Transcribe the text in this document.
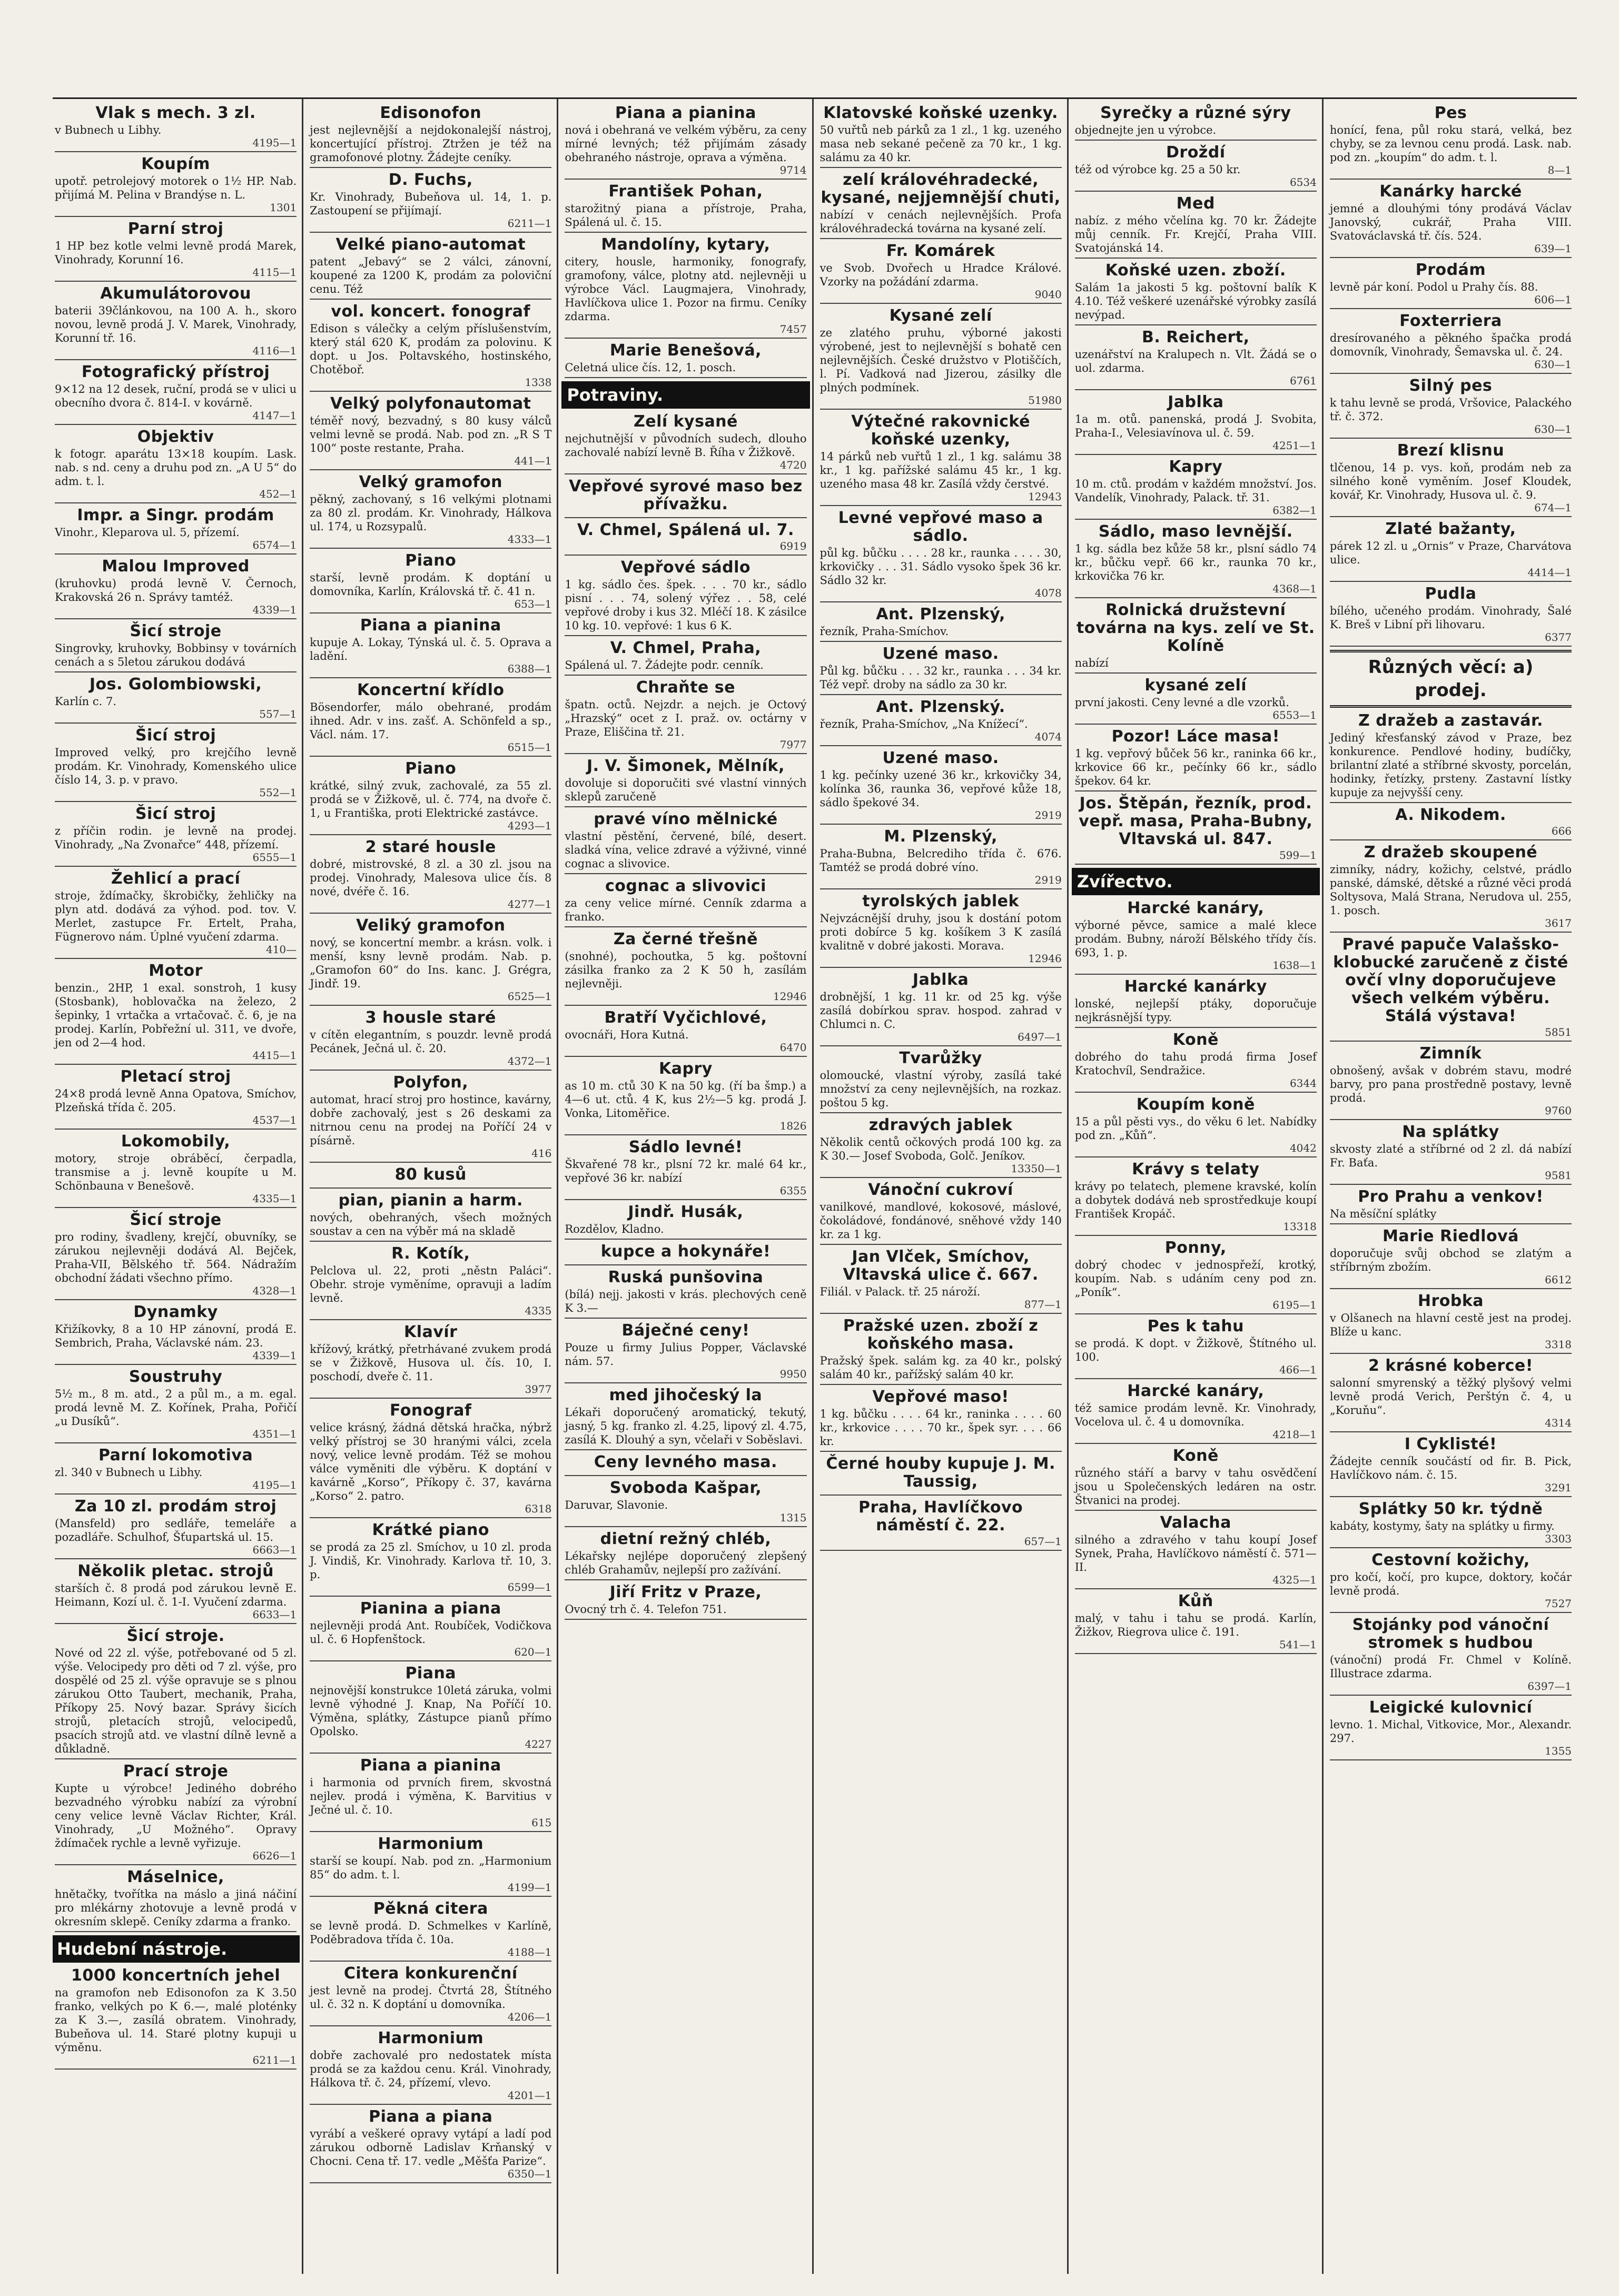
Vlak s mech. 3 zl.

v Bubnech u Libhy.

4195—1
Koupím

upotř. petrolejový motorek o 1½ HP. Nab. přijímá M. Pelina v Brandýse n. L.

1301
Parní stroj

1 HP bez kotle velmi levně prodá Marek, Vinohrady, Korunní 16.

4115—1
Akumulátorovou

baterii 39článkovou, na 100 A. h., skoro novou, levně prodá J. V. Marek, Vinohrady, Korunní tř. 16.

4116—1
Fotografický přístroj

9×12 na 12 desek, ruční, prodá se v ulici u obecního dvora č. 814-I. v kovárně.

4147—1
Objektiv

k fotogr. aparátu 13×18 koupím. Lask. nab. s nd. ceny a druhu pod zn. „A U 5“ do adm. t. l.

452—1
Impr. a Singr. prodám

Vinohr., Kleparova ul. 5, přízemí.

6574—1
Malou Improved

(kruhovku) prodá levně V. Černoch, Krakovská 26 n. Správy tamtéž.

4339—1
Šicí stroje

Singrovky, kruhovky, Bobbinsy v továrních cenách a s 5letou zárukou dodává

Jos. Golombiowski,

Karlín c. 7.

557—1
Šicí stroj

Improved velký, pro krejčího levně prodám. Kr. Vinohrady, Komenského ulice číslo 14, 3. p. v pravo.

552—1
Šicí stroj

z příčin rodin. je levně na prodej. Vinohrady, „Na Zvonařce“ 448, přízemí.

6555—1
Žehlicí a prací

stroje, ždímačky, škrobičky, žehličky na plyn atd. dodává za výhod. pod. tov. V. Merlet, zastupce Fr. Ertelt, Praha, Fügnerovo nám. Úplné vyučení zdarma.

410—
Motor

benzin., 2HP, 1 exal. sonstroh, 1 kusy (Stosbank), hoblovačka na železo, 2 šepinky, 1 vrtačka a vrtačovač. č. 6, je na prodej. Karlín, Pobřežní ul. 311, ve dvoře, jen od 2—4 hod.

4415—1
Pletací stroj

24×8 prodá levně Anna Opatova, Smíchov, Plzeňská třída č. 205.

4537—1
Lokomobily,

motory, stroje obráběcí, čerpadla, transmise a j. levně koupíte u M. Schönbauna v Benešově.

4335—1
Šicí stroje

pro rodiny, švadleny, krejčí, obuvníky, se zárukou nejlevněji dodává Al. Bejček, Praha-VII, Bělského tř. 564. Nádražím obchodní žádati všechno přímo.

4328—1
Dynamky

Křižíkovky, 8 a 10 HP zánovní, prodá E. Sembrich, Praha, Václavské nám. 23.

4339—1
Soustruhy

5½ m., 8 m. atd., 2 a půl m., a m. egal. prodá levně M. Z. Kořínek, Praha, Pořičí „u Dusíků“.

4351—1
Parní lokomotiva

zl. 340 v Bubnech u Libhy.

4195—1
Za 10 zl. prodám stroj

(Mansfeld) pro sedláře, temeláře a pozadláře. Schulhof, Šťupartská ul. 15.

6663—1
Několik pletac. strojů

starších č. 8 prodá pod zárukou levně E. Heimann, Kozí ul. č. 1-I. Vyučení zdarma.

6633—1
Šicí stroje.

Nové od 22 zl. výše, potřebované od 5 zl. výše. Velocipedy pro děti od 7 zl. výše, pro dospělé od 25 zl. výše opravuje se s plnou zárukou Otto Taubert, mechanik, Praha, Příkopy 25. Nový bazar. Správy šicích strojů, pletacích strojů, velocipedů, psacích strojů atd. ve vlastní dílně levně a důkladně.

Prací stroje

Kupte u výrobce! Jediného dobrého bezvadného výrobku nabízí za výrobní ceny velice levně Václav Richter, Král. Vinohrady, „U Možného“. Opravy ždímaček rychle a levně vyřizuje.

6626—1
Máselnice,

hnětačky, tvořítka na máslo a jiná náčiní pro mlékárny zhotovuje a levně prodá v okresním sklepě. Ceníky zdarma a franko.

Hudební nástroje.
1000 koncertních jehel

na gramofon neb Edisonofon za K 3.50 franko, velkých po K 6.—, malé ploténky za K 3.—, zasílá obratem. Vinohrady, Bubeňova ul. 14. Staré plotny kupuji u výměnu.

6211—1
Edisonofon

jest nejlevnější a nejdokonalejší nástroj, koncertující přístroj. Ztržen je též na gramofonové plotny. Žádejte ceníky.

D. Fuchs,

Kr. Vinohrady, Bubeňova ul. 14, 1. p. Zastoupení se přijímají.

6211—1
Velké piano-automat

patent „Jebavý“ se 2 válci, zánovní, koupené za 1200 K, prodám za poloviční cenu. Též

vol. koncert. fonograf

Edison s válečky a celým příslušenstvím, který stál 620 K, prodám za polovinu. K dopt. u Jos. Poltavského, hostinského, Chotěboř.

1338
Velký polyfonautomat

téměř nový, bezvadný, s 80 kusy válců velmi levně se prodá. Nab. pod zn. „R S T 100“ poste restante, Praha.

441—1
Velký gramofon

pěkný, zachovaný, s 16 velkými plotnami za 80 zl. prodám. Kr. Vinohrady, Hálkova ul. 174, u Rozsypalů.

4333—1
Piano

starší, levně prodám. K doptání u domovníka, Karlín, Královská tř. č. 41 n.

653—1
Piana a pianina

kupuje A. Lokay, Týnská ul. č. 5. Oprava a ladění.

6388—1
Koncertní křídlo

Bösendorfer, málo obehrané, prodám ihned. Adr. v ins. zašť. A. Schönfeld a sp., Václ. nám. 17.

6515—1
Piano

krátké, silný zvuk, zachovalé, za 55 zl. prodá se v Žižkově, ul. č. 774, na dvoře č. 1, u Františka, proti Elektrické zastávce.

4293—1
2 staré housle

dobré, mistrovské, 8 zl. a 30 zl. jsou na prodej. Vinohrady, Malesova ulice čís. 8 nové, dvéře č. 16.

4277—1
Veliký gramofon

nový, se koncertní membr. a krásn. volk. i menší, ksny levně prodám. Nab. p. „Gramofon 60“ do Ins. kanc. J. Grégra, Jindř. 19.

6525—1
3 housle staré

v cítěn elegantním, s pouzdr. levně prodá Pecánek, Ječná ul. č. 20.

4372—1
Polyfon,

automat, hrací stroj pro hostince, kavárny, dobře zachovalý, jest s 26 deskami za nitrnou cenu na prodej na Poříčí 24 v písárně.

416
80 kusů
pian, pianin a harm.

nových, obehraných, všech možných soustav a cen na výběr má na skladě

R. Kotík,

Pelclova ul. 22, proti „něstn Paláci“. Obehr. stroje vyměníme, opravuji a ladím levně.

4335
Klavír

křížový, krátký, přetrhávané zvukem prodá se v Žižkově, Husova ul. čís. 10, I. poschodí, dveře č. 11.

3977
Fonograf

velice krásný, žádná dětská hračka, nýbrž velký přístroj se 30 hranými válci, zcela nový, velice levně prodám. Též se mohou válce vyměniti dle výběru. K doptání v kavárně „Korso“, Příkopy č. 37, kavárna „Korso“ 2. patro.

6318
Krátké piano

se prodá za 25 zl. Smíchov, u 10 zl. proda J. Vindiš, Kr. Vinohrady. Karlova tř. 10, 3. p.

6599—1
Pianina a piana

nejlevněji prodá Ant. Roubíček, Vodičkova ul. č. 6 Hopfenštock.

620—1
Piana

nejnovější konstrukce 10letá záruka, volmi levně výhodné J. Knap, Na Poříčí 10. Výměna, splátky, Zástupce pianů přímo Opolsko.

4227
Piana a pianina

i harmonia od prvních firem, skvostná nejlev. prodá i výměna, K. Barvitius v Ječné ul. č. 10.

615
Harmonium

starší se koupí. Nab. pod zn. „Harmonium 85“ do adm. t. l.

4199—1
Pěkná citera

se levně prodá. D. Schmelkes v Karlíně, Poděbradova třída č. 10a.

4188—1
Citera konkurenční

jest levně na prodej. Čtvrtá 28, Štítného ul. č. 32 n. K doptání u domovníka.

4206—1
Harmonium

dobře zachovalé pro nedostatek místa prodá se za každou cenu. Král. Vinohrady, Hálkova tř. č. 24, přízemí, vlevo.

4201—1
Piana a piana

vyrábí a veškeré opravy vytápí a ladí pod zárukou odborně Ladislav Krňanský v Chocni. Cena tř. 17. vedle „Měšťa Parize“.

6350—1
Piana a pianina

nová i obehraná ve velkém výběru, za ceny mírné levných; též přijímám zásady obehraného nástroje, oprava a výměna.

9714
František Pohan,

starožitný piana a přístroje, Praha, Spálená ul. č. 15.

Mandolíny, kytary,

citery, housle, harmoniky, fonografy, gramofony, válce, plotny atd. nejlevněji u výrobce Václ. Laugmajera, Vinohrady, Havlíčkova ulice 1. Pozor na firmu. Ceníky zdarma.

7457
Marie Benešová,

Celetná ulice čís. 12, 1. posch.

Potraviny.
Zelí kysané

nejchutnější v původních sudech, dlouho zachovalé nabízí levně B. Říha v Žižkově.

4720
Vepřové syrové maso bez přívažku.
V. Chmel, Spálená ul. 7.
6919
Vepřové sádlo

1 kg. sádlo čes. špek. . . . 70 kr., sádlo pisní . . . 74, solený výřez . . 58, celé vepřové droby i kus 32. Mléčí 18. K zásilce 10 kg. 10. vepřové: 1 kus 6 K.

V. Chmel, Praha,

Spálená ul. 7. Žádejte podr. cenník.

Chraňte se

špatn. octů. Nejzdr. a nejch. je Octový „Hrazský“ ocet z I. praž. ov. octárny v Praze, Eliščina tř. 21.

7977
J. V. Šimonek, Mělník,

dovoluje si doporučiti své vlastní vinných sklepů zaručeně

pravé víno mělnické

vlastní pěstění, červené, bílé, desert. sladká vína, velice zdravé a výživné, vinné cognac a slivovice.

cognac a slivovici

za ceny velice mírné. Cenník zdarma a franko.

Za černé třešně

(snohné), pochoutka, 5 kg. poštovní zásilka franko za 2 K 50 h, zasílám nejlevněji.

12946
Bratří Vyčichlové,

ovocnáři, Hora Kutná.

6470
Kapry

as 10 m. ctů 30 K na 50 kg. (ří ba šmp.) a 4—6 ut. ctů. 4 K, kus 2½—5 kg. prodá J. Vonka, Litoměřice.

1826
Sádlo levné!

Škvařené 78 kr., plsní 72 kr. malé 64 kr., vepřové 36 kr. nabízí

6355
Jindř. Husák,

Rozdělov, Kladno.

kupce a hokynáře!
Ruská punšovina

(bílá) nejj. jakosti v krás. plechových ceně K 3.—

Báječné ceny!

Pouze u firmy Julius Popper, Václavské nám. 57.

9950
med jihočeský la

Lékaři doporučený aromatický, tekutý, jasný, 5 kg. franko zl. 4.25, lipový zl. 4.75, zasílá K. Dlouhý a syn, včelaři v Soběslavi.

Ceny levného masa.
Svoboda Kašpar,

Daruvar, Slavonie.

1315
dietní režný chléb,

Lékařsky nejlépe doporučený zlepšený chléb Grahamův, nejlepší pro zažívání.

Jiří Fritz v Praze,

Ovocný trh č. 4. Telefon 751.

Klatovské koňské uzenky.

50 vuřtů neb párků za 1 zl., 1 kg. uzeného masa neb sekané pečeně za 70 kr., 1 kg. salámu za 40 kr.

zelí královéhradecké, kysané, nejjemnější chuti,

nabízí v cenách nejlevnějších. Profa královéhradecká továrna na kysané zelí.

Fr. Komárek

ve Svob. Dvořech u Hradce Králové. Vzorky na požádání zdarma.

9040
Kysané zelí

ze zlatého pruhu, výborné jakosti výrobené, jest to nejlevnější s bohatě cen nejlevnějších. České družstvo v Plotiščích, l. Pí. Vadková nad Jizerou, zásilky dle plných podmínek.

51980
Výtečné rakovnické koňské uzenky,

14 párků neb vuřtů 1 zl., 1 kg. salámu 38 kr., 1 kg. pařížské salámu 45 kr., 1 kg. uzeného masa 48 kr. Zasílá vždy čerstvé.

12943
Levné vepřové maso a sádlo.

půl kg. bůčku . . . . 28 kr., raunka . . . . 30, krkovičky . . . 31. Sádlo vysoko špek 36 kr. Sádlo 32 kr.

4078
Ant. Plzenský,

řezník, Praha-Smíchov.

Uzené maso.

Půl kg. bůčku . . . 32 kr., raunka . . . 34 kr. Též vepř. droby na sádlo za 30 kr.

Ant. Plzenský.

řezník, Praha-Smíchov, „Na Knížecí“.

4074
Uzené maso.

1 kg. pečínky uzené 36 kr., krkovičky 34, kolínka 36, raunka 36, vepřové kůže 18, sádlo špekové 34.

2919
M. Plzenský,

Praha-Bubna, Belcrediho třída č. 676. Tamtéž se prodá dobré víno.

2919
tyrolských jablek

Nejvzácnější druhy, jsou k dostání potom proti dobírce 5 kg. košíkem 3 K zasílá kvalitně v dobré jakosti. Morava.

12946
Jablka

drobnější, 1 kg. 11 kr. od 25 kg. výše zasílá dobírkou sprav. hospod. zahrad v Chlumci n. C.

6497—1
Tvarůžky

olomoucké, vlastní výroby, zasílá také množství za ceny nejlevnějších, na rozkaz. poštou 5 kg.

zdravých jablek

Několik centů očkových prodá 100 kg. za K 30.— Josef Svoboda, Golč. Jeníkov.

13350—1
Vánoční cukroví

vanilkové, mandlové, kokosové, máslové, čokoládové, fondánové, sněhové vždy 140 kr. za 1 kg.

Jan Vlček, Smíchov, Vltavská ulice č. 667.

Filiál. v Palack. tř. 25 nároží.

877—1
Pražské uzen. zboží z koňského masa.

Pražský špek. salám kg. za 40 kr., polský salám 40 kr., pařížský salám 40 kr.

Vepřové maso!

1 kg. bůčku . . . . 64 kr., raninka . . . . 60 kr., krkovice . . . . 70 kr., špek syr. . . . 66 kr.

Černé houby kupuje J. M. Taussig,
Praha, Havlíčkovo náměstí č. 22.
657—1
Syrečky a různé sýry

objednejte jen u výrobce.

Droždí

též od výrobce kg. 25 a 50 kr.

6534
Med

nabíz. z mého včelína kg. 70 kr. Žádejte můj cenník. Fr. Krejčí, Praha VIII. Svatojánská 14.

Koňské uzen. zboží.

Salám 1a jakosti 5 kg. poštovní balík K 4.10. Též veškeré uzenářské výrobky zasílá nevýpad.

B. Reichert,

uzenářství na Kralupech n. Vlt. Žádá se o uol. zdarma.

6761
Jablka

1a m. otů. panenská, prodá J. Svobita, Praha-I., Velesiavínova ul. č. 59.

4251—1
Kapry

10 m. ctů. prodám v každém množství. Jos. Vandelík, Vinohrady, Palack. tř. 31.

6382—1
Sádlo, maso levnější.

1 kg. sádla bez kůže 58 kr., plsní sádlo 74 kr., bůčku vepř. 66 kr., raunka 70 kr., krkovička 76 kr.

4368—1
Rolnická družstevní továrna na kys. zelí ve St. Kolíně

nabízí

kysané zelí

první jakosti. Ceny levné a dle vzorků.

6553—1
Pozor! Láce masa!

1 kg. vepřový bůček 56 kr., raninka 66 kr., krkovice 66 kr., pečínky 66 kr., sádlo špekov. 64 kr.

Jos. Štěpán, řezník, prod. vepř. masa, Praha-Bubny, Vltavská ul. 847.
599—1
Zvířectvo.
Harcké kanáry,

výborné pěvce, samice a malé klece prodám. Bubny, nároží Bělského třídy čís. 693, 1. p.

1638—1
Harcké kanárky

lonské, nejlepší ptáky, doporučuje nejkrásnější typy.

Koně

dobrého do tahu prodá firma Josef Kratochvíl, Sendražice.

6344
Koupím koně

15 a půl pěsti vys., do věku 6 let. Nabídky pod zn. „Kůň“.

4042
Krávy s telaty

krávy po telatech, plemene kravské, kolín a dobytek dodává neb sprostředkuje koupí František Kropáč.

13318
Ponny,

dobrý chodec v jednospřeží, krotký, koupím. Nab. s udáním ceny pod zn. „Poník“.

6195—1
Pes k tahu

se prodá. K dopt. v Žižkově, Štítného ul. 100.

466—1
Harcké kanáry,

též samice prodám levně. Kr. Vinohrady, Vocelova ul. č. 4 u domovníka.

4218—1
Koně

různého stáří a barvy v tahu osvědčení jsou u Společenských ledáren na ostr. Štvanici na prodej.

Valacha

silného a zdravého v tahu koupí Josef Synek, Praha, Havlíčkovo náměstí č. 571—II.

4325—1
Kůň

malý, v tahu i tahu se prodá. Karlín, Žižkov, Riegrova ulice č. 191.

541—1
Pes

honící, fena, půl roku stará, velká, bez chyby, se za levnou cenu prodá. Lask. nab. pod zn. „koupím“ do adm. t. l.

8—1
Kanárky harcké

jemné a dlouhými tóny prodává Václav Janovský, cukrář, Praha VIII. Svatováclavská tř. čís. 524.

639—1
Prodám

levně pár koní. Podol u Prahy čís. 88.

606—1
Foxterriera

dresírovaného a pěkného špačka prodá domovník, Vinohrady, Šemavska ul. č. 24.

630—1
Silný pes

k tahu levně se prodá, Vršovice, Palackého tř. č. 372.

630—1
Brezí klisnu

tlčenou, 14 p. vys. koň, prodám neb za silného koně vyměním. Josef Kloudek, kovář, Kr. Vinohrady, Husova ul. č. 9.

674—1
Zlaté bažanty,

párek 12 zl. u „Ornis“ v Praze, Charvátova ulice.

4414—1
Pudla

bílého, učeného prodám. Vinohrady, Šalé K. Breš v Libní při lihovaru.

6377
Různých věcí: a) prodej.
Z dražeb a zastavár.

Jediný křesťanský závod v Praze, bez konkurence. Pendlové hodiny, budíčky, brilantní zlaté a stříbrné skvosty, porcelán, hodinky, řetízky, prsteny. Zastavní lístky kupuje za nejvyšší ceny.

A. Nikodem.
666
Z dražeb skoupené

zimníky, nádry, kožichy, celstvé, prádlo panské, dámské, dětské a různé věci prodá Soltysova, Malá Strana, Nerudova ul. 255, 1. posch.

3617
Pravé papuče Valašsko-klobucké zaručeně z čisté ovčí vlny doporučujeve všech velkém výběru. Stálá výstava!
5851
Zimník

obnošený, avšak v dobrém stavu, modré barvy, pro pana prostředně postavy, levně prodá.

9760
Na splátky

skvosty zlaté a stříbrné od 2 zl. dá nabízí Fr. Baťa.

9581
Pro Prahu a venkov!

Na měsíční splátky

Marie Riedlová

doporučuje svůj obchod se zlatým a stříbrným zbožím.

6612
Hrobka

v Olšanech na hlavní cestě jest na prodej. Blíže u kanc.

3318
2 krásné koberce!

salonní smyrenský a těžký plyšový velmi levně prodá Verich, Perštýn č. 4, u „Koruňu“.

4314
I Cyklisté!

Žádejte cenník součástí od fir. B. Pick, Havlíčkovo nám. č. 15.

3291
Splátky 50 kr. týdně

kabáty, kostymy, šaty na splátky u firmy.

3303
Cestovní kožichy,

pro kočí, kočí, pro kupce, doktory, kočár levně prodá.

7527
Stojánky pod vánoční stromek s hudbou

(vánoční) prodá Fr. Chmel v Kolíně. Illustrace zdarma.

6397—1
Leigické kulovnicí

levno. 1. Michal, Vitkovice, Mor., Alexandr. 297.

1355
